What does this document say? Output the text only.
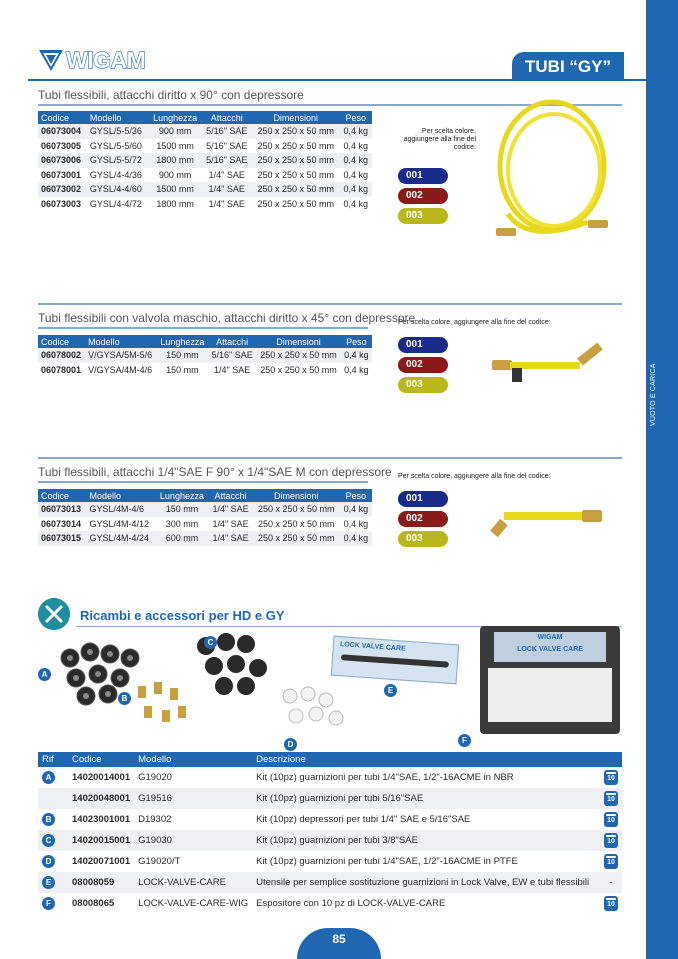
VUOTO E CARICA
WIGAM	TUBI “GY”
Tubi flessibili, attacchi diritto x 90° con depressore
Codice	Modello	Lunghezza	Attacchi	Dimensioni	Peso
06073004	GYSL/5-5/36	900 mm	5/16" SAE	250 x 250 x 50 mm	0,4 kg
06073005	GYSL/5-5/60	1500 mm	5/16" SAE	250 x 250 x 50 mm	0,4 kg
06073006	GYSL/5-5/72	1800 mm	5/16" SAE	250 x 250 x 50 mm	0,4 kg
06073001	GYSL/4-4/36	900 mm	1/4" SAE	250 x 250 x 50 mm	0,4 kg
06073002	GYSL/4-4/60	1500 mm	1/4" SAE	250 x 250 x 50 mm	0,4 kg
06073003	GYSL/4-4/72	1800 mm	1/4" SAE	250 x 250 x 50 mm	0,4 kg
Per scelta colore, aggiungere alla fine del codice:
001
002
003
Tubi flessibili con valvola maschio, attacchi diritto x 45° con depressore
Codice	Modello	Lunghezza	Attacchi	Dimensioni	Peso
06078002	V/GYSA/5M-5/6	150 mm	5/16" SAE	250 x 250 x 50 mm	0,4 kg
06078001	V/GYSA/4M-4/6	150 mm	1/4" SAE	250 x 250 x 50 mm	0,4 kg
Per scelta colore, aggiungere alla fine del codice:
001
002
003
Tubi flessibili, attacchi 1/4"SAE F 90° x 1/4"SAE M con depressore
Codice	Modello	Lunghezza	Attacchi	Dimensioni	Peso
06073013	GYSL/4M-4/6	150 mm	1/4" SAE	250 x 250 x 50 mm	0,4 kg
06073014	GYSL/4M-4/12	300 mm	1/4" SAE	250 x 250 x 50 mm	0,4 kg
06073015	GYSL/4M-4/24	600 mm	1/4" SAE	250 x 250 x 50 mm	0,4 kg
Per scelta colore, aggiungere alla fine del codice:
001
002
003
Ricambi e accessori per HD e GY
LOCK VALVE CARE
WIGAM
LOCK VALVE CARE
A
B
C
D
E
F
Rif	Codice	Modello	Descrizione	
A	14020014001	G19020	Kit (10pz) guarnizioni per tubi 1/4"SAE, 1/2"-16ACME in NBR	10
	14020048001	G19516	Kit (10pz) guarnizioni per tubi 5/16"SAE	10
B	14023001001	D19302	Kit (10pz) depressori per tubi 1/4" SAE e 5/16"SAE	10
C	14020015001	G19030	Kit (10pz) guarnizioni per tubi 3/8"SAE	10
D	14020071001	G19020/T	Kit (10pz) guarnizioni per tubi 1/4"SAE, 1/2"-16ACME in PTFE	10
E	08008059	LOCK-VALVE-CARE	Utensile per semplice sostituzione guarnizioni in Lock Valve, EW e tubi flessibili	-
F	08008065	LOCK-VALVE-CARE-WIG	Espositore con 10 pz di LOCK-VALVE-CARE	10
85
